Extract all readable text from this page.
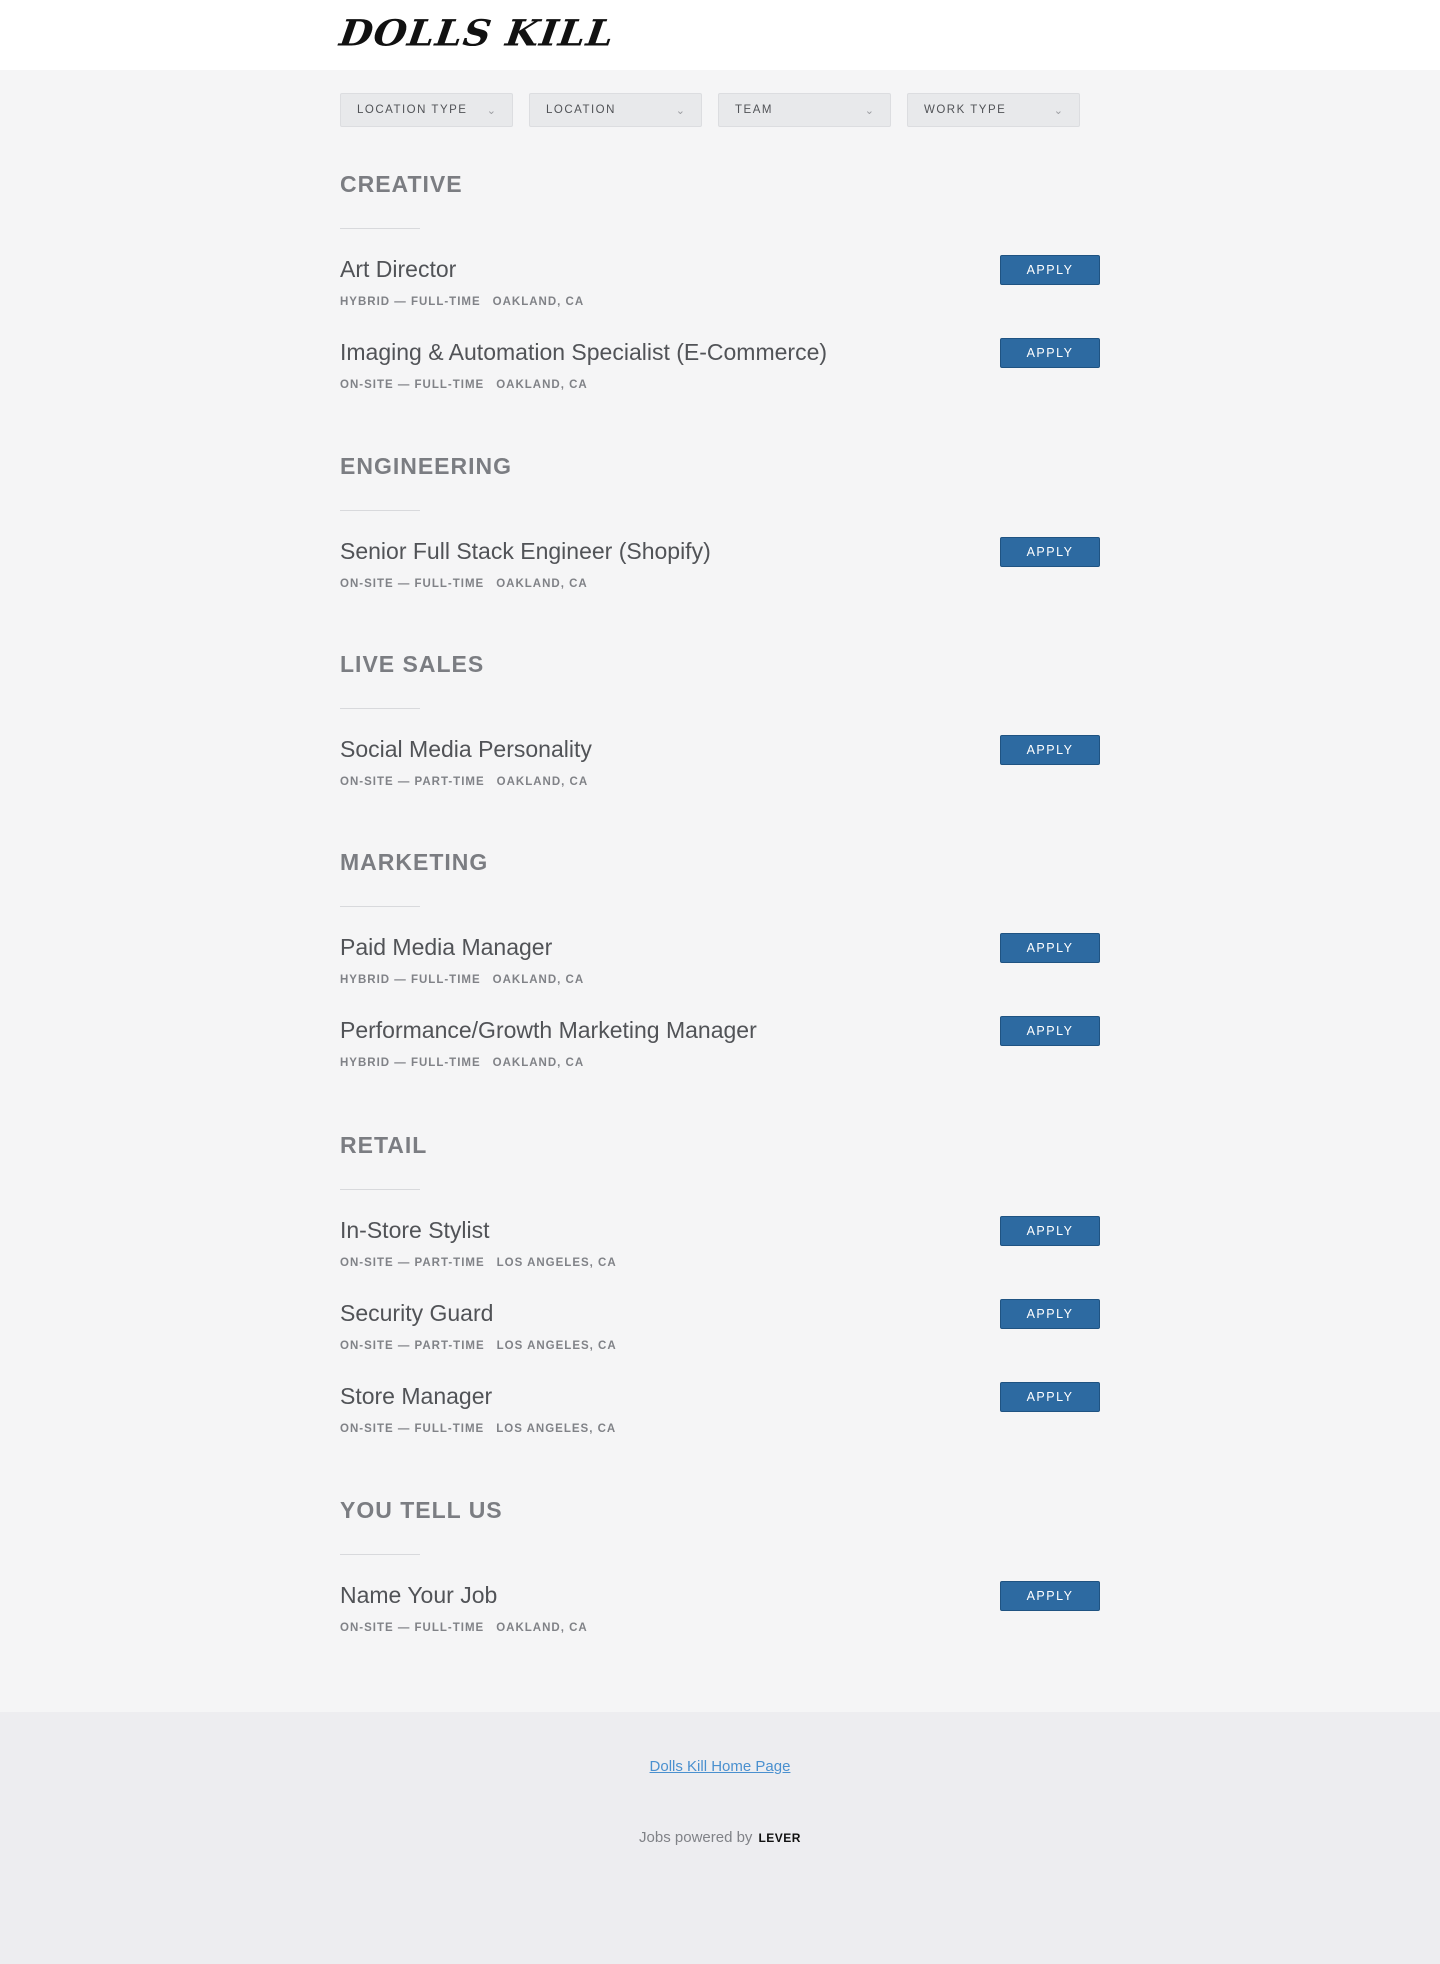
DOLLS KILL
LOCATION TYPE ⌄	LOCATION	⌄	TEAM	⌄	WORK TYPE	⌄
CREATIVE
Art Director
HYBRID — FULL-TIME OAKLAND, CA
APPLY
Imaging & Automation Specialist (E-Commerce)
ON-SITE — FULL-TIME OAKLAND, CA
APPLY
ENGINEERING
Senior Full Stack Engineer (Shopify)
ON-SITE — FULL-TIME OAKLAND, CA
APPLY
LIVE SALES
Social Media Personality
ON-SITE — PART-TIME OAKLAND, CA
APPLY
MARKETING
Paid Media Manager
HYBRID — FULL-TIME OAKLAND, CA
APPLY
Performance/Growth Marketing Manager
HYBRID — FULL-TIME OAKLAND, CA
APPLY
RETAIL
In-Store Stylist
ON-SITE — PART-TIME LOS ANGELES, CA
APPLY
Security Guard
ON-SITE — PART-TIME LOS ANGELES, CA
APPLY
Store Manager
ON-SITE — FULL-TIME LOS ANGELES, CA
APPLY
YOU TELL US
Name Your Job
ON-SITE — FULL-TIME OAKLAND, CA
APPLY
Dolls Kill Home Page
Jobs powered by LEVER
